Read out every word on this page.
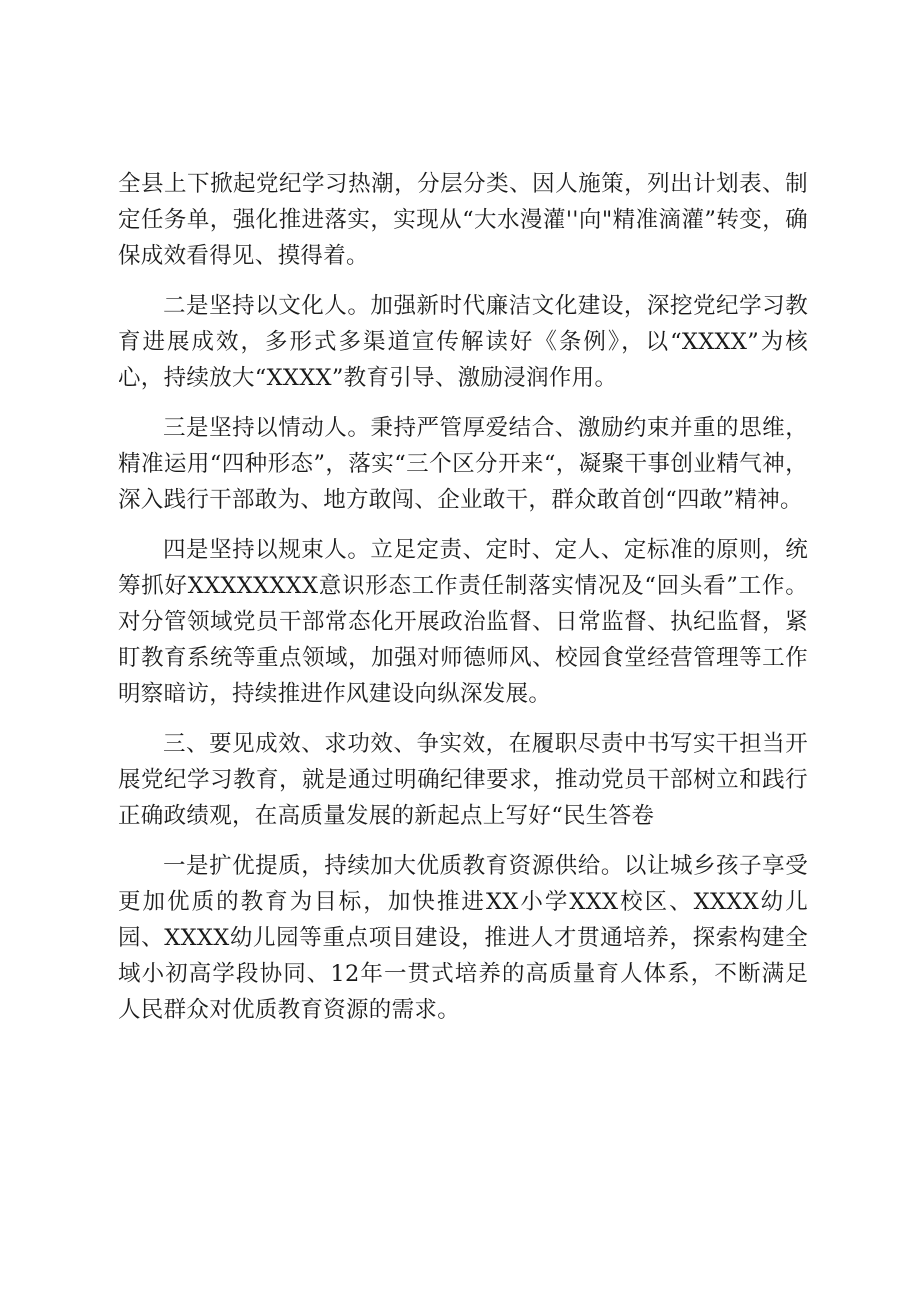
全县上下掀起党纪学习热潮，分层分类、因人施策，列出计划表、制定任务单，强化推进落实，实现从“大水漫灌''向"精准滴灌”转变，确保成效看得见、摸得着。

二是坚持以文化人。加强新时代廉洁文化建设，深挖党纪学习教育进展成效，多形式多渠道宣传解读好《条例》，以“XXXX”为核心，持续放大“XXXX”教育引导、激励浸润作用。

三是坚持以情动人。秉持严管厚爱结合、激励约束并重的思维，精准运用“四种形态”，落实“三个区分开来“，凝聚干事创业精气神，深入践行干部敢为、地方敢闯、企业敢干，群众敢首创“四敢”精神。

四是坚持以规束人。立足定责、定时、定人、定标准的原则，统筹抓好XXXXXXXX意识形态工作责任制落实情况及“回头看”工作。对分管领域党员干部常态化开展政治监督、日常监督、执纪监督，紧盯教育系统等重点领域，加强对师德师风、校园食堂经营管理等工作明察暗访，持续推进作风建设向纵深发展。

三、要见成效、求功效、争实效，在履职尽责中书写实干担当开展党纪学习教育，就是通过明确纪律要求，推动党员干部树立和践行正确政绩观，在高质量发展的新起点上写好“民生答卷

一是扩优提质，持续加大优质教育资源供给。以让城乡孩子享受更加优质的教育为目标，加快推进XX小学XXX校区、XXXX幼儿园、XXXX幼儿园等重点项目建设，推进人才贯通培养，探索构建全域小初高学段协同、12年一贯式培养的高质量育人体系，不断满足人民群众对优质教育资源的需求。
